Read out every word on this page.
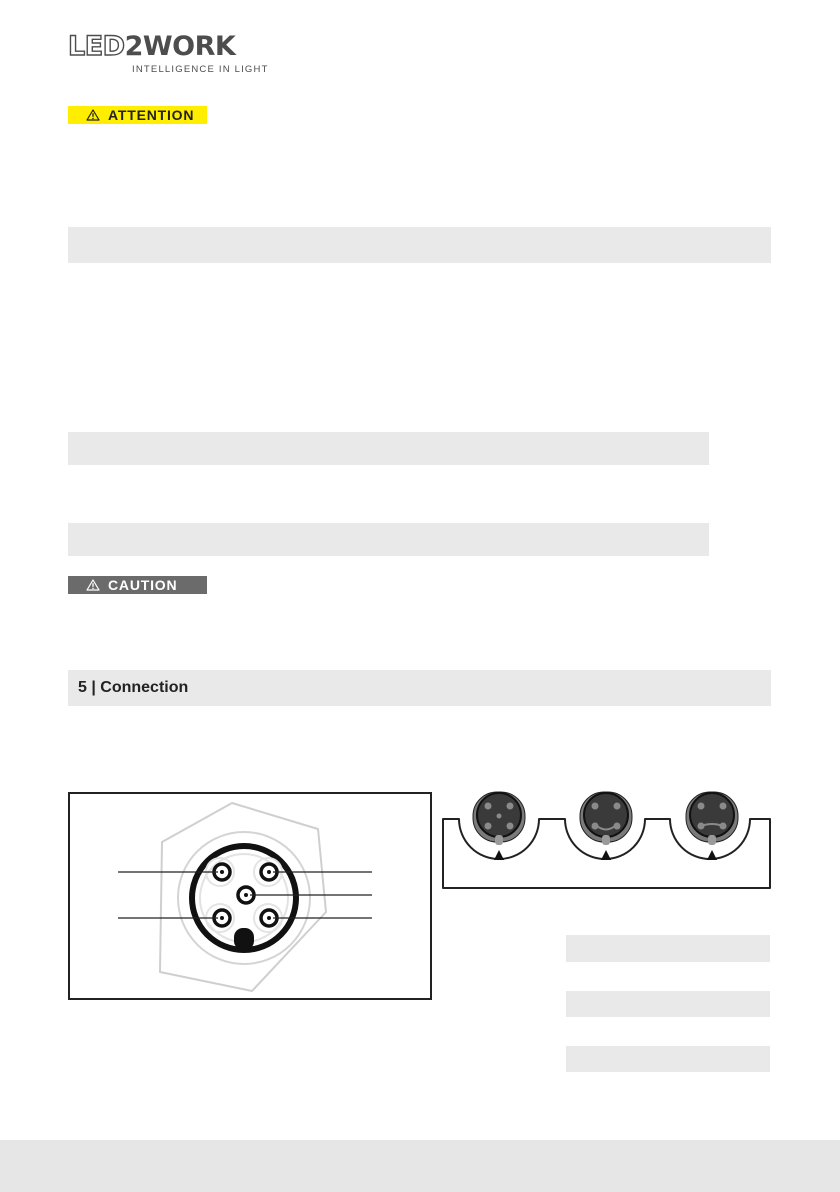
LED2WORK
INTELLIGENCE IN LIGHT
ATTENTION
CAUTION
5 | Connection
